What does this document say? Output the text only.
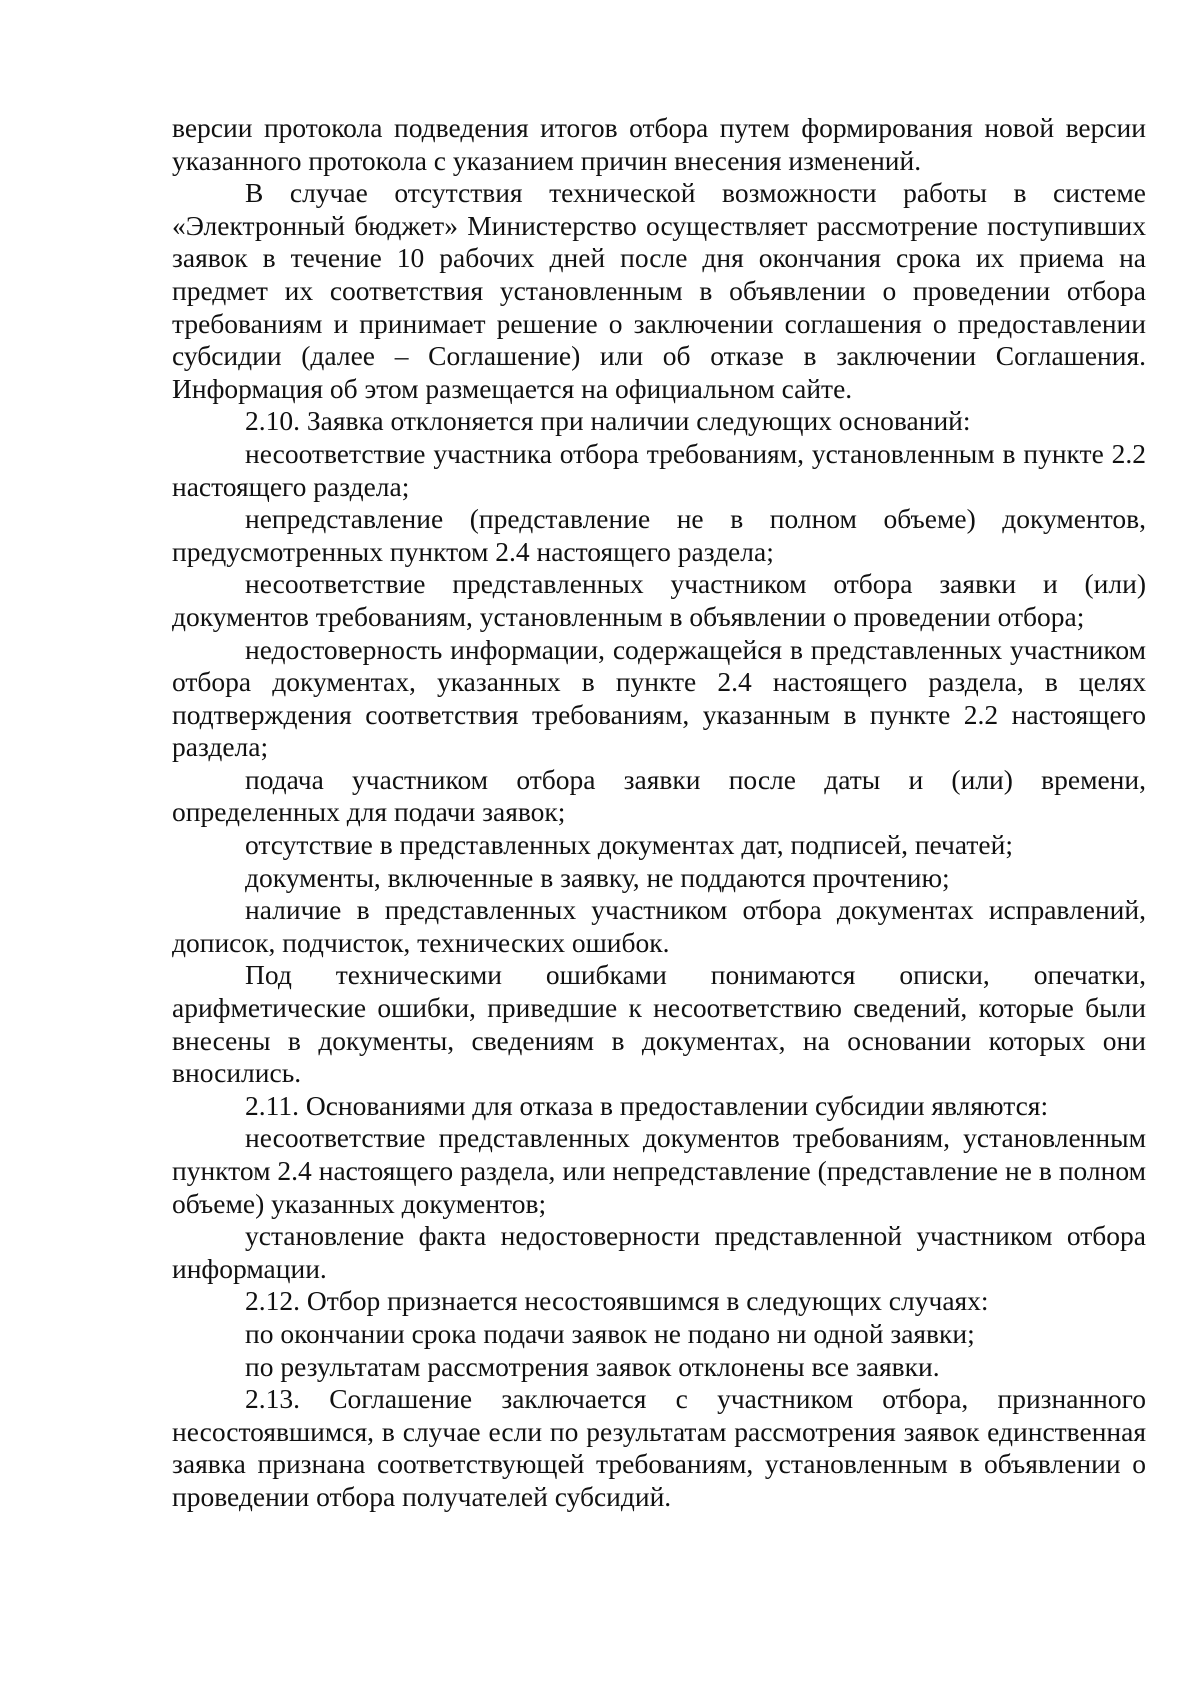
версии протокола подведения итогов отбора путем формирования новой версии указанного протокола с указанием причин внесения изменений.

В случае отсутствия технической возможности работы в системе «Электронный бюджет» Министерство осуществляет рассмотрение поступивших заявок в течение 10 рабочих дней после дня окончания срока их приема на предмет их соответствия установленным в объявлении о проведении отбора требованиям и принимает решение о заключении соглашения о предоставлении субсидии (далее – Соглашение) или об отказе в заключении Соглашения. Информация об этом размещается на официальном сайте.

2.10. Заявка отклоняется при наличии следующих оснований:

несоответствие участника отбора требованиям, установленным в пункте 2.2 настоящего раздела;

непредставление (представление не в полном объеме) документов, предусмотренных пунктом 2.4 настоящего раздела;

несоответствие представленных участником отбора заявки и (или) документов требованиям, установленным в объявлении о проведении отбора;

недостоверность информации, содержащейся в представленных участником отбора документах, указанных в пункте 2.4 настоящего раздела, в целях подтверждения соответствия требованиям, указанным в пункте 2.2 настоящего раздела;

подача участником отбора заявки после даты и (или) времени, определенных для подачи заявок;

отсутствие в представленных документах дат, подписей, печатей;

документы, включенные в заявку, не поддаются прочтению;

наличие в представленных участником отбора документах исправлений, дописок, подчисток, технических ошибок.

Под техническими ошибками понимаются описки, опечатки, арифметические ошибки, приведшие к несоответствию сведений, которые были внесены в документы, сведениям в документах, на основании которых они вносились.

2.11. Основаниями для отказа в предоставлении субсидии являются:

несоответствие представленных документов требованиям, установленным пунктом 2.4 настоящего раздела, или непредставление (представление не в полном объеме) указанных документов;

установление факта недостоверности представленной участником отбора информации.

2.12. Отбор признается несостоявшимся в следующих случаях:

по окончании срока подачи заявок не подано ни одной заявки;

по результатам рассмотрения заявок отклонены все заявки.

2.13. Соглашение заключается с участником отбора, признанного несостоявшимся, в случае если по результатам рассмотрения заявок единственная заявка признана соответствующей требованиям, установленным в объявлении о проведении отбора получателей субсидий.
